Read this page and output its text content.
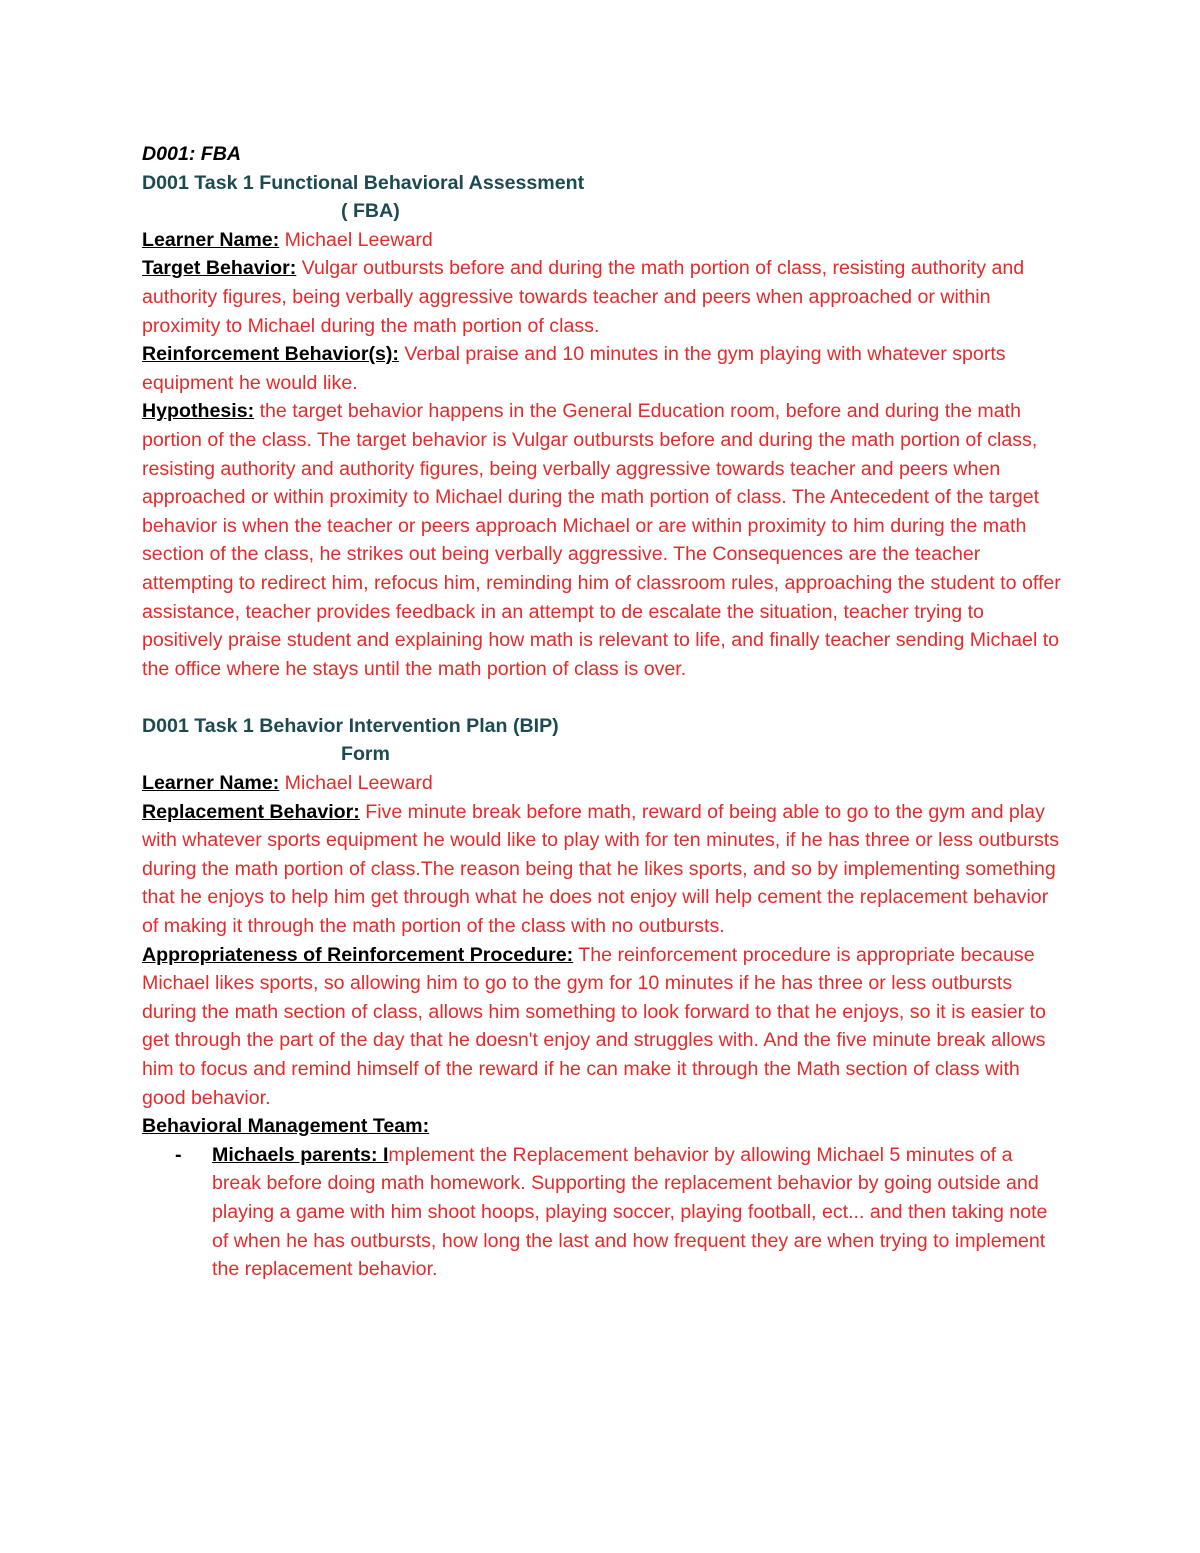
D001: FBA
D001 Task 1 Functional Behavioral Assessment
( FBA)
Learner Name: Michael Leeward
Target Behavior: Vulgar outbursts before and during the math portion of class, resisting authority and authority figures, being verbally aggressive towards teacher and peers when approached or within proximity to Michael during the math portion of class.
Reinforcement Behavior(s): Verbal praise and 10 minutes in the gym playing with whatever sports equipment he would like.
Hypothesis: the target behavior happens in the General Education room, before and during the math portion of the class. The target behavior is Vulgar outbursts before and during the math portion of class, resisting authority and authority figures, being verbally aggressive towards teacher and peers when approached or within proximity to Michael during the math portion of class. The Antecedent of the target behavior is when the teacher or peers approach Michael or are within proximity to him during the math section of the class, he strikes out being verbally aggressive. The Consequences are the teacher attempting to redirect him, refocus him, reminding him of classroom rules, approaching the student to offer assistance, teacher provides feedback in an attempt to de escalate the situation, teacher trying to positively praise student and explaining how math is relevant to life, and finally teacher sending Michael to the office where he stays until the math portion of class is over.
D001 Task 1 Behavior Intervention Plan (BIP)
Form
Learner Name: Michael Leeward
Replacement Behavior: Five minute break before math, reward of being able to go to the gym and play with whatever sports equipment he would like to play with for ten minutes, if he has three or less outbursts during the math portion of class.The reason being that he likes sports, and so by implementing something that he enjoys to help him get through what he does not enjoy will help cement the replacement behavior of making it through the math portion of the class with no outbursts.
Appropriateness of Reinforcement Procedure: The reinforcement procedure is appropriate because Michael likes sports, so allowing him to go to the gym for 10 minutes if he has three or less outbursts during the math section of class, allows him something to look forward to that he enjoys, so it is easier to get through the part of the day that he doesn't enjoy and struggles with. And the five minute break allows him to focus and remind himself of the reward if he can make it through the Math section of class with good behavior.
Behavioral Management Team:
-	Michaels parents: Implement the Replacement behavior by allowing Michael 5 minutes of a break before doing math homework. Supporting the replacement behavior by going outside and playing a game with him shoot hoops, playing soccer, playing football, ect... and then taking note of when he has outbursts, how long the last and how frequent they are when trying to implement the replacement behavior.
